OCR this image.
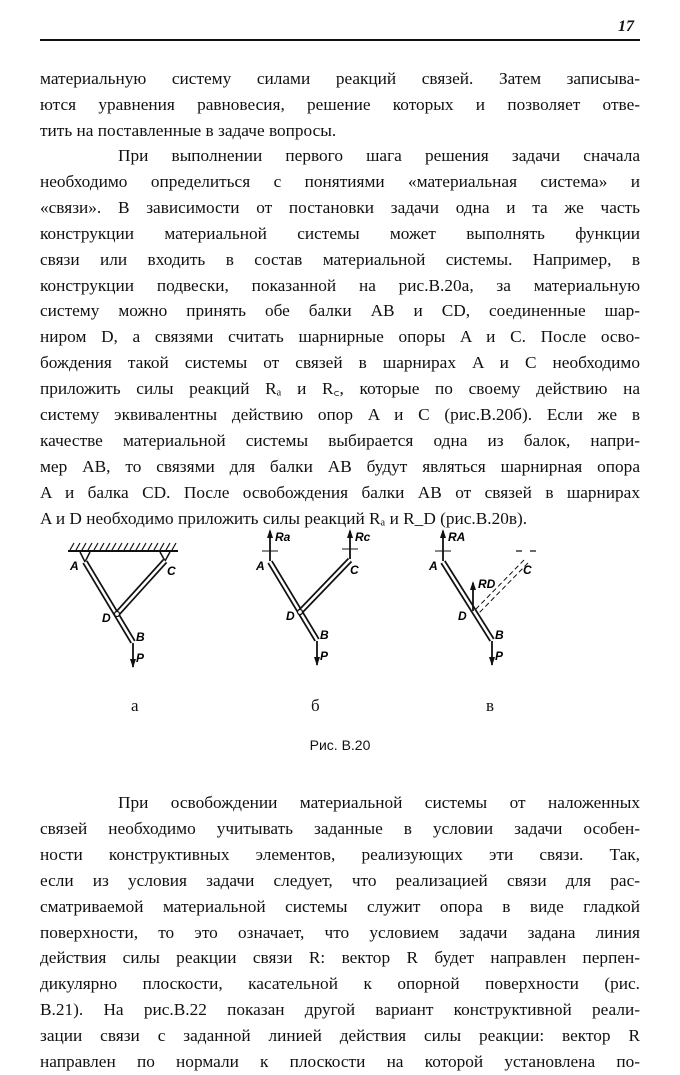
17
материальную систему силами реакций связей. Затем записыва-
ются уравнения равновесия, решение которых и позволяет отве-
тить на поставленные в задаче вопросы.
При выполнении первого шага решения задачи сначала
необходимо определиться с понятиями «материальная система» и
«связи». В зависимости от постановки задачи одна и та же часть
конструкции материальной системы может выполнять функции
связи или входить в состав материальной системы. Например, в
конструкции подвески, показанной на рис.В.20а, за материальную
систему можно принять обе балки AB и CD, соединенные шар-
ниром D, а связями считать шарнирные опоры A и C. После осво-
бождения такой системы от связей в шарнирах A и C необходимо
приложить силы реакций Rₐ и R꜀, которые по своему действию на
систему эквивалентны действию опор A и C (рис.В.20б). Если же в
качестве материальной системы выбирается одна из балок, напри-
мер AB, то связями для балки AB будут являться шарнирная опора
A и балка CD. После освобождения балки AB от связей в шарнирах
A и D необходимо приложить силы реакций Rₐ и R_D (рис.В.20в).
A	C
D
B
P
Rа	Rс
A	C
D
B
P
RA
RD
A	C
D
B
P
а	б	в
Рис. В.20
При освобождении материальной системы от наложенных
связей необходимо учитывать заданные в условии задачи особен-
ности конструктивных элементов, реализующих эти связи. Так,
если из условия задачи следует, что реализацией связи для рас-
сматриваемой материальной системы служит опора в виде гладкой
поверхности, то это означает, что условием задачи задана линия
действия силы реакции связи R: вектор R будет направлен перпен-
дикулярно плоскости, касательной к опорной поверхности (рис.
В.21). На рис.В.22 показан другой вариант конструктивной реали-
зации связи с заданной линией действия силы реакции: вектор R
направлен по нормали к плоскости на которой установлена по-
